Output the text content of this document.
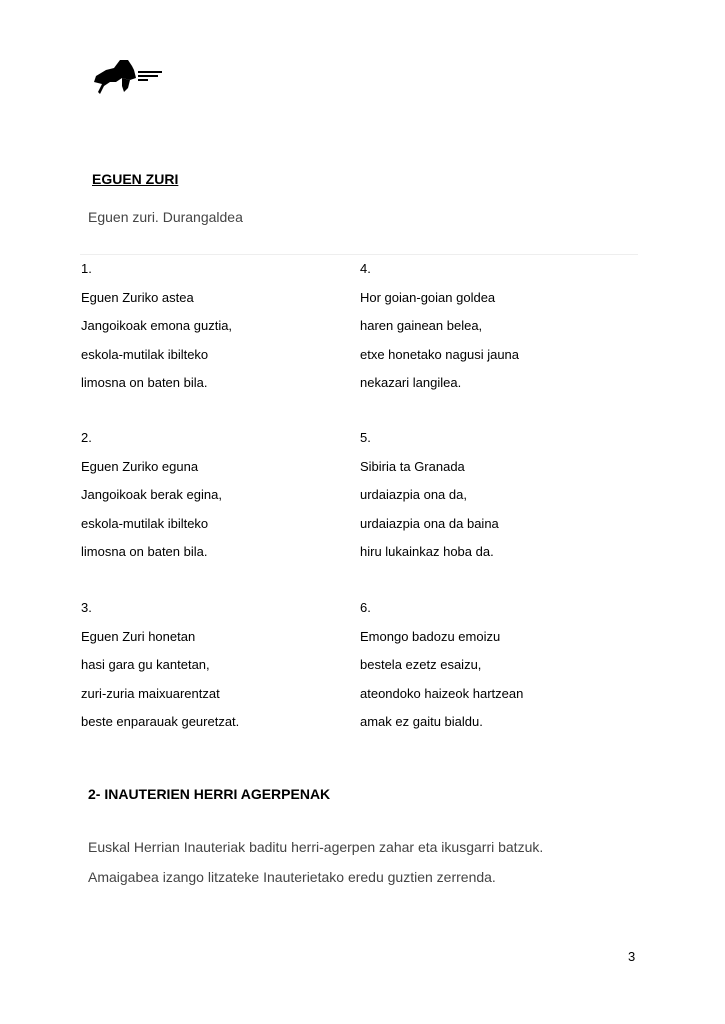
EGUEN ZURI

Eguen zuri. Durangaldea

1.
Eguen Zuriko astea
Jangoikoak emona guztia,
eskola-mutilak ibilteko
limosna on baten bila.
4.
Hor goian-goian goldea
haren gainean belea,
etxe honetako nagusi jauna
nekazari langilea.
2.
Eguen Zuriko eguna
Jangoikoak berak egina,
eskola-mutilak ibilteko
limosna on baten bila.
5.
Sibiria ta Granada
urdaiazpia ona da,
urdaiazpia ona da baina
hiru lukainkaz hoba da.
3.
Eguen Zuri honetan
hasi gara gu kantetan,
zuri-zuria maixuarentzat
beste enparauak geuretzat.
6.
Emongo badozu emoizu
bestela ezetz esaizu,
ateondoko haizeok hartzean
amak ez gaitu bialdu.
2- INAUTERIEN HERRI AGERPENAK
Euskal Herrian Inauteriak baditu herri-agerpen zahar eta ikusgarri batzuk.
Amaigabea izango litzateke Inauterietako eredu guztien zerrenda.
3
